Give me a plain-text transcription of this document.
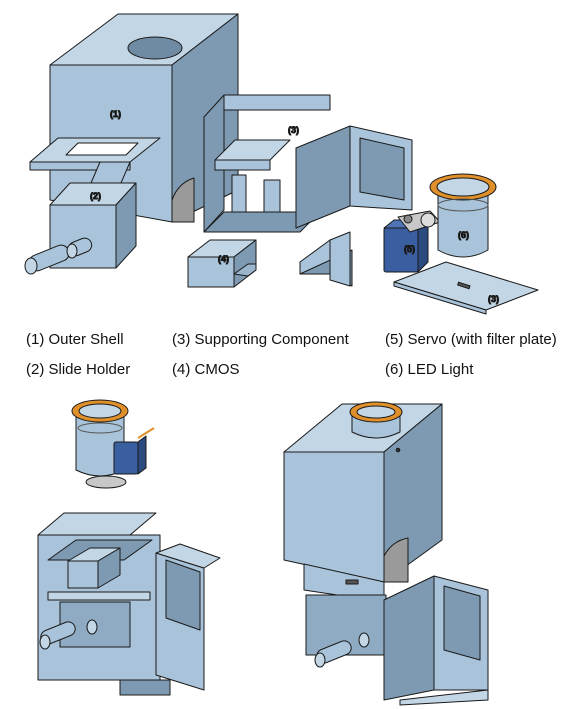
(1)
(2)
(3)
(4)
(5)
(6)
(3)
(1) Outer Shell	(3) Supporting Component (5) Servo (with filter plate)
(2) Slide Holder	(4) CMOS	(6) LED Light
